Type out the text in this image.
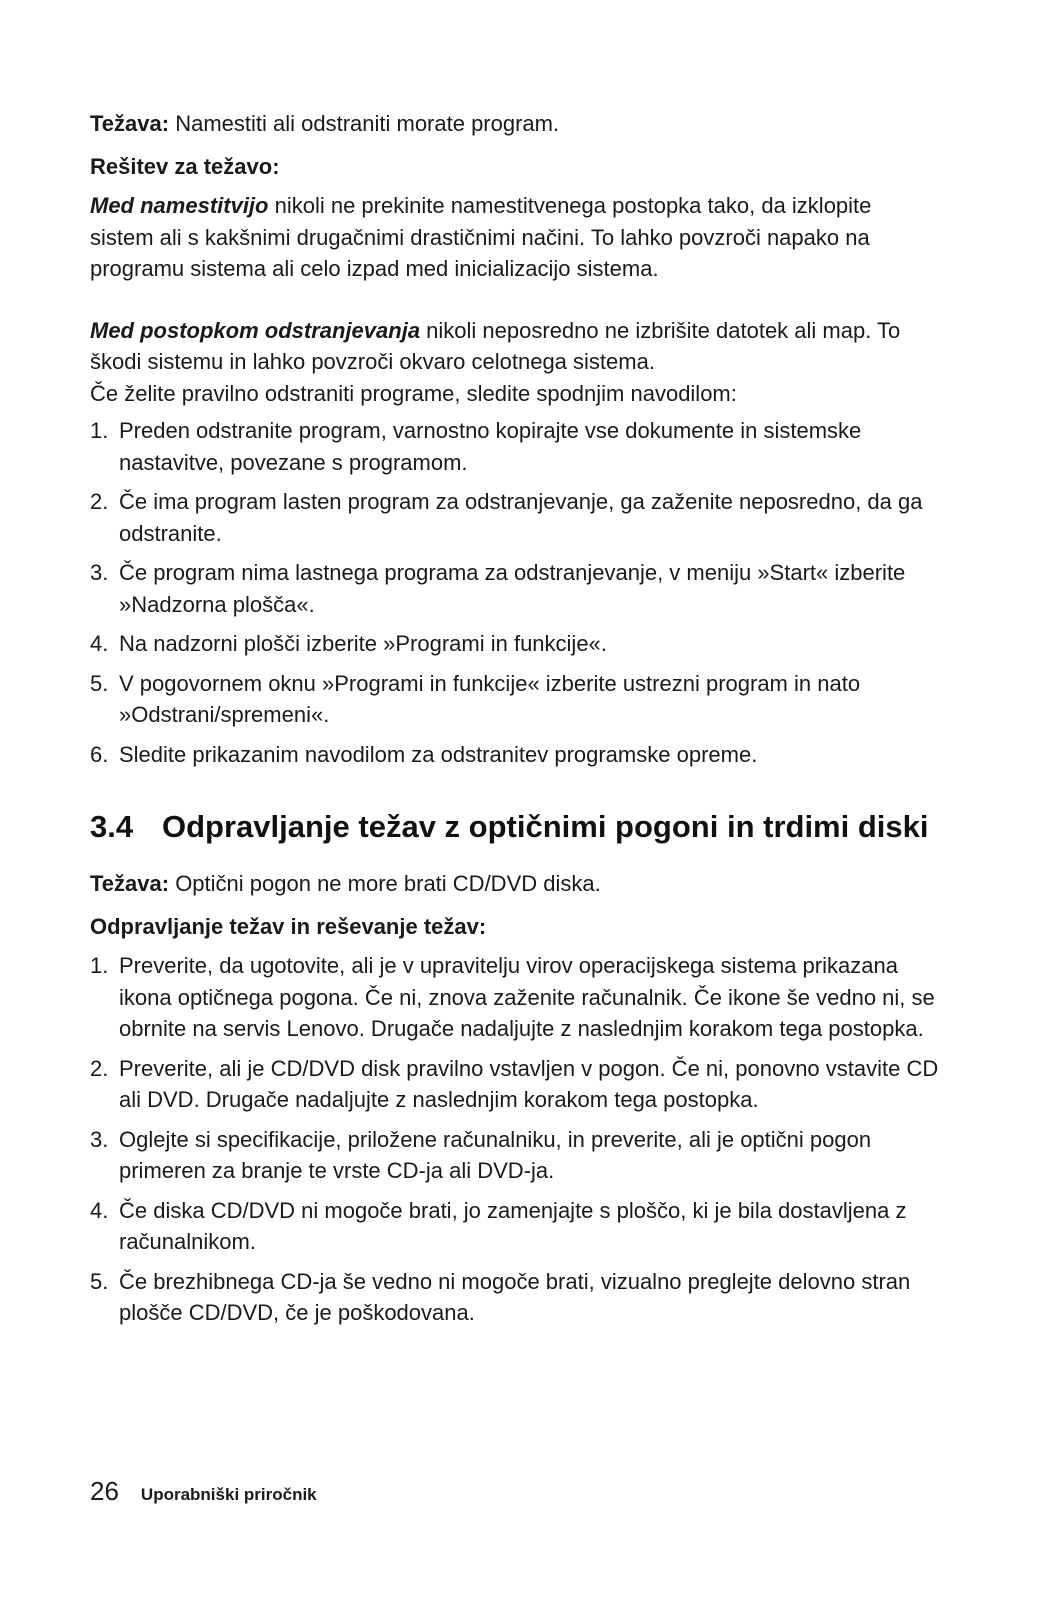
Težava: Namestiti ali odstraniti morate program.

Rešitev za težavo:

Med namestitvijo nikoli ne prekinite namestitvenega postopka tako, da izklopite sistem ali s kakšnimi drugačnimi drastičnimi načini. To lahko povzroči napako na programu sistema ali celo izpad med inicializacijo sistema.

Med postopkom odstranjevanja nikoli neposredno ne izbrišite datotek ali map. To škodi sistemu in lahko povzroči okvaro celotnega sistema.

Če želite pravilno odstraniti programe, sledite spodnjim navodilom:

1. Preden odstranite program, varnostno kopirajte vse dokumente in sistemske nastavitve, povezane s programom.
2. Če ima program lasten program za odstranjevanje, ga zaženite neposredno, da ga odstranite.
3. Če program nima lastnega programa za odstranjevanje, v meniju »Start« izberite »Nadzorna plošča«.
4. Na nadzorni plošči izberite »Programi in funkcije«.
5. V pogovornem oknu »Programi in funkcije« izberite ustrezni program in nato »Odstrani/spremeni«.
6. Sledite prikazanim navodilom za odstranitev programske opreme.
3.4 Odpravljanje težav z optičnimi pogoni in trdimi diski

Težava: Optični pogon ne more brati CD/DVD diska.

Odpravljanje težav in reševanje težav:

1. Preverite, da ugotovite, ali je v upravitelju virov operacijskega sistema prikazana ikona optičnega pogona. Če ni, znova zaženite računalnik. Če ikone še vedno ni, se obrnite na servis Lenovo. Drugače nadaljujte z naslednjim korakom tega postopka.
2. Preverite, ali je CD/DVD disk pravilno vstavljen v pogon. Če ni, ponovno vstavite CD ali DVD. Drugače nadaljujte z naslednjim korakom tega postopka.
3. Oglejte si specifikacije, priložene računalniku, in preverite, ali je optični pogon primeren za branje te vrste CD-ja ali DVD-ja.
4. Če diska CD/DVD ni mogoče brati, jo zamenjajte s ploščo, ki je bila dostavljena z računalnikom.
5. Če brezhibnega CD-ja še vedno ni mogoče brati, vizualno preglejte delovno stran plošče CD/DVD, če je poškodovana.
26 Uporabniški priročnik
